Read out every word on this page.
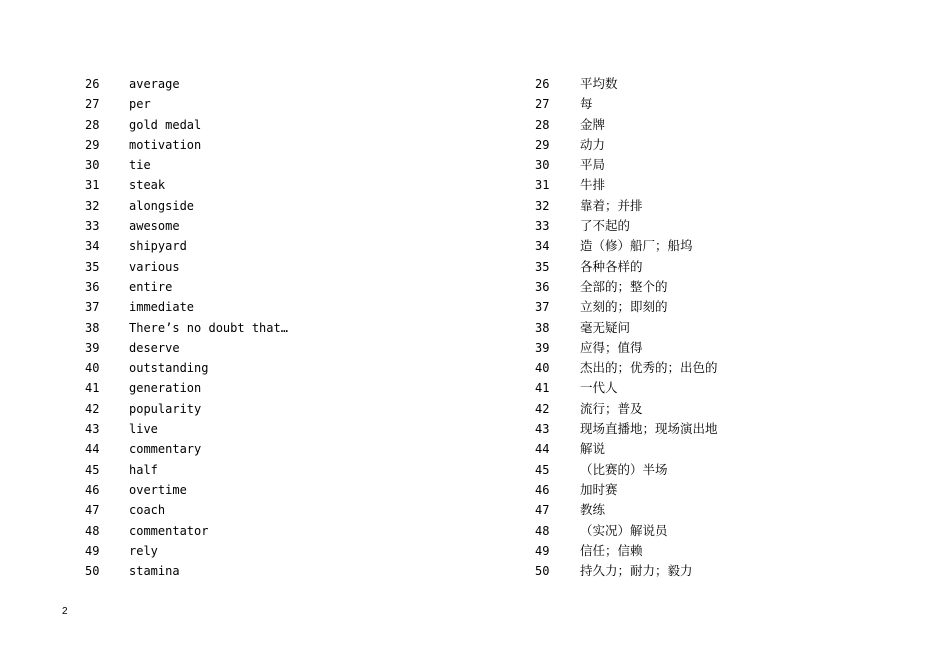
26 average
27 per
28 gold medal
29 motivation
30 tie
31 steak
32 alongside
33 awesome
34 shipyard
35 various
36 entire
37 immediate
38 There’s no doubt that…
39 deserve
40 outstanding
41 generation
42 popularity
43 live
44 commentary
45 half
46 overtime
47 coach
48 commentator
49 rely
50 stamina
26 平均数
27 每
28 金牌
29 动力
30 平局
31 牛排
32 靠着；并排
33 了不起的
34 造（修）船厂；船坞
35 各种各样的
36 全部的；整个的
37 立刻的；即刻的
38 毫无疑问
39 应得；值得
40 杰出的；优秀的；出色的
41 一代人
42 流行；普及
43 现场直播地；现场演出地
44 解说
45 （比赛的）半场
46 加时赛
47 教练
48 （实况）解说员
49 信任；信赖
50 持久力；耐力；毅力
2
